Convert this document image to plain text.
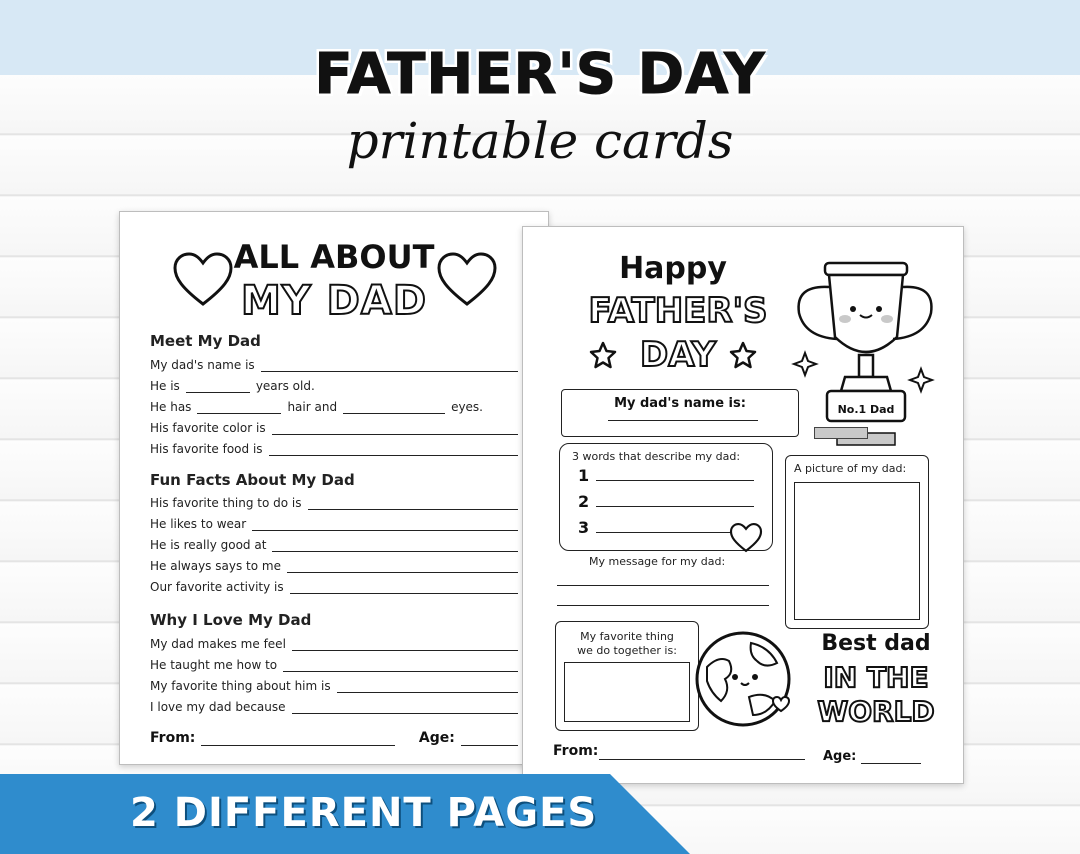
FATHER'S DAY
printable cards
ALL ABOUT
MY DAD
Meet My Dad
My dad's name is
He is	years old.
He has	hair and	eyes.
His favorite color is
His favorite food is
Fun Facts About My Dad
His favorite thing to do is
He likes to wear
He is really good at
He always says to me
Our favorite activity is
Why I Love My Dad
My dad makes me feel
He taught me how to
My favorite thing about him is
I love my dad because
From:	Age:
Happy
FATHER'S
DAY
No.1 Dad
My dad's name is:
3 words that describe my dad:
1
2
3
A picture of my dad:
My message for my dad:
My favorite thing
we do together is:	Best dad
IN THE
WORLD
From:	Age:
2 DIFFERENT PAGES
